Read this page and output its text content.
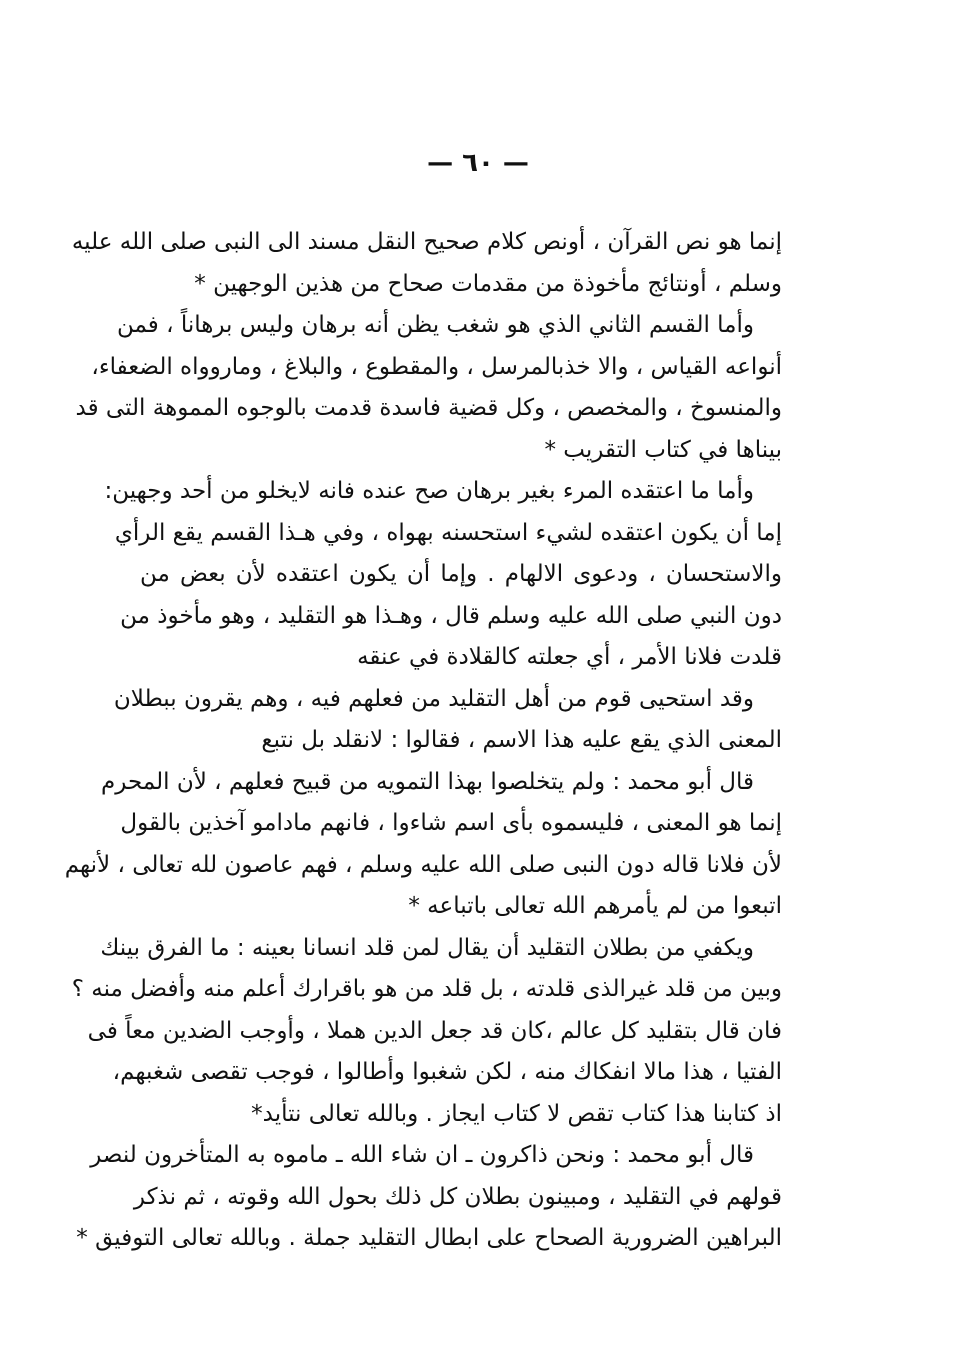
— ٦٠ —
إنما هو نص القرآن ، أونص كلام صحيح النقل مسند الى النبى صلى الله عليه
وسلم ، أونتائج مأخوذة من مقدمات صحاح من هذين الوجهين *
وأما القسم الثاني الذي هو شغب يظن أنه برهان وليس برهاناً ، فمن
أنواعه القياس ، والا خذبالمرسل ، والمقطوع ، والبلاغ ، وماروواه الضعفاء،
والمنسوخ ، والمخصص ، وكل قضية فاسدة قدمت بالوجوه المموهة التى قد
بيناها في كتاب التقريب *
وأما ما اعتقده المرء بغير برهان صح عنده فانه لايخلو من أحد وجهين:
إما أن يكون اعتقده لشيء استحسنه بهواه ، وفي هـذا القسم يقع الرأي
والاستحسان ، ودعوى الالهام . وإما أن يكون اعتقده لأن بعض من
دون النبي صلى الله عليه وسلم قال ، وهـذا هو التقليد ، وهو مأخوذ من
قلدت فلانا الأمر ، أي جعلته كالقلادة في عنقه
وقد استحيى قوم من أهل التقليد من فعلهم فيه ، وهم يقرون ببطلان
المعنى الذي يقع عليه هذا الاسم ، فقالوا : لانقلد بل نتبع
قال أبو محمد : ولم يتخلصوا بهذا التمويه من قبيح فعلهم ، لأن المحرم
إنما هو المعنى ، فليسموه بأى اسم شاءوا ، فانهم مادامو آخذين بالقول
لأن فلانا قاله دون النبى صلى الله عليه وسلم ، فهم عاصون لله تعالى ، لأنهم
اتبعوا من لم يأمرهم الله تعالى باتباعه *
ويكفي من بطلان التقليد أن يقال لمن قلد انسانا بعينه : ما الفرق بينك
وبين من قلد غيرالذى قلدته ، بل قلد من هو باقرارك أعلم منه وأفضل منه ؟
فان قال بتقليد كل عالم ،كان قد جعل الدين هملا ، وأوجب الضدين معاً فى
الفتيا ، هذا مالا انفكاك منه ، لكن شغبوا وأطالوا ، فوجب تقصى شغبهم،
اذ كتابنا هذا كتاب تقص لا كتاب ايجاز . وبالله تعالى نتأيد*
قال أبو محمد : ونحن ذاكرون ـ ان شاء الله ـ ماموه به المتأخرون لنصر
قولهم في التقليد ، ومبينون بطلان كل ذلك بحول الله وقوته ، ثم نذكر
البراهين الضرورية الصحاح على ابطال التقليد جملة . وبالله تعالى التوفيق *
